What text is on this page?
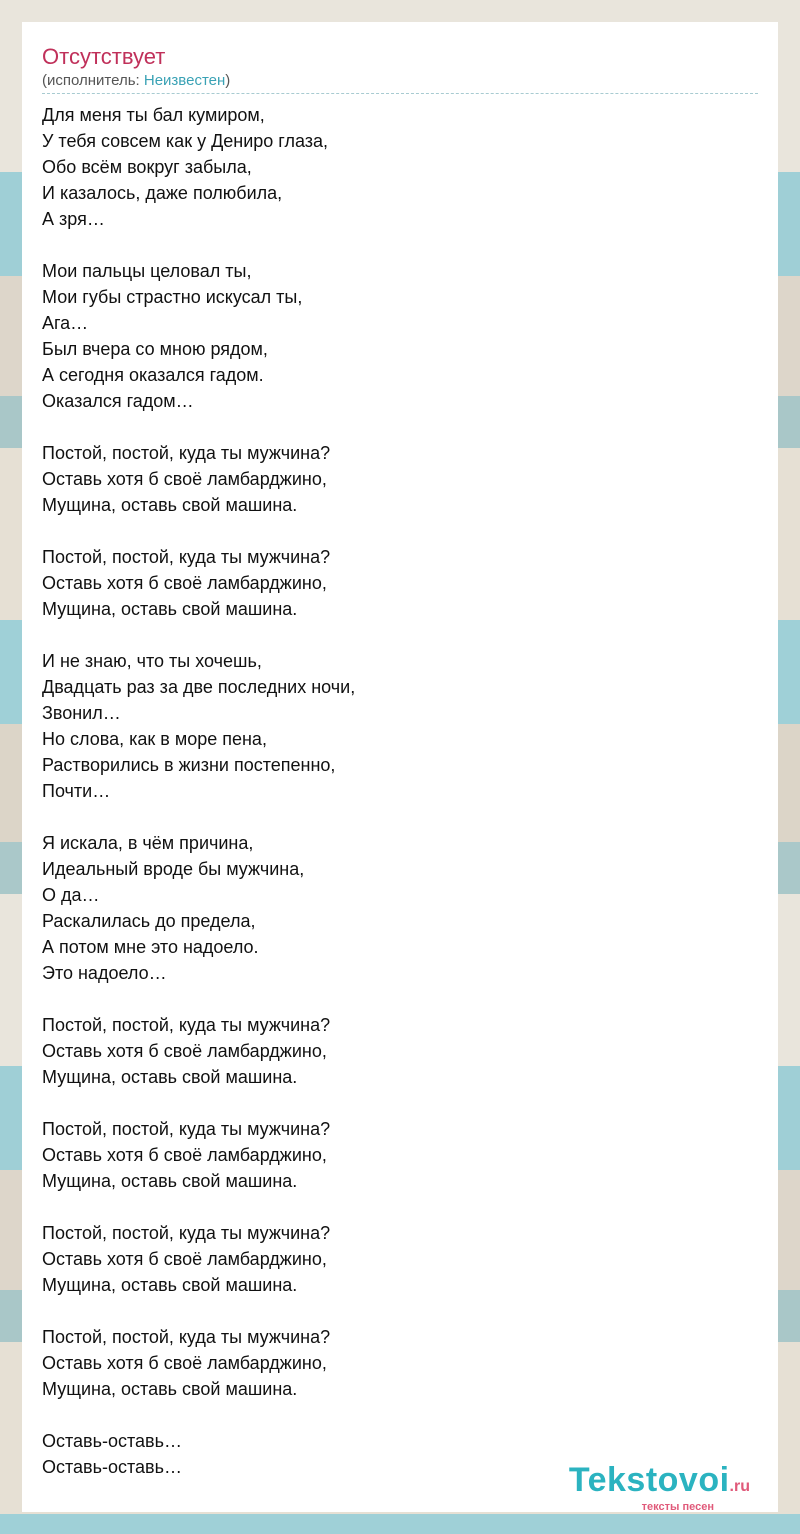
Отсутствует
(исполнитель: Неизвестен)
Для меня ты бал кумиром,
У тебя совсем как у Дениро глаза,
Обо всём вокруг забыла,
И казалось, даже полюбила,
А зря…
Мои пальцы целовал ты,
Мои губы страстно искусал ты,
Ага…
Был вчера со мною рядом,
А сегодня оказался гадом.
Оказался гадом…
Постой, постой, куда ты мужчина?
Оставь хотя б своё ламбарджино,
Мущина, оставь свой машина.
Постой, постой, куда ты мужчина?
Оставь хотя б своё ламбарджино,
Мущина, оставь свой машина.
И не знаю, что ты хочешь,
Двадцать раз за две последних ночи,
Звонил…
Но слова, как в море пена,
Растворились в жизни постепенно,
Почти…
Я искала, в чём причина,
Идеальный вроде бы мужчина,
О да…
Раскалилась до предела,
А потом мне это надоело.
Это надоело…
Постой, постой, куда ты мужчина?
Оставь хотя б своё ламбарджино,
Мущина, оставь свой машина.
Постой, постой, куда ты мужчина?
Оставь хотя б своё ламбарджино,
Мущина, оставь свой машина.
Постой, постой, куда ты мужчина?
Оставь хотя б своё ламбарджино,
Мущина, оставь свой машина.
Постой, постой, куда ты мужчина?
Оставь хотя б своё ламбарджино,
Мущина, оставь свой машина.
Оставь-оставь…
Оставь-оставь…	Tekstovoi.ru
тексты песен
